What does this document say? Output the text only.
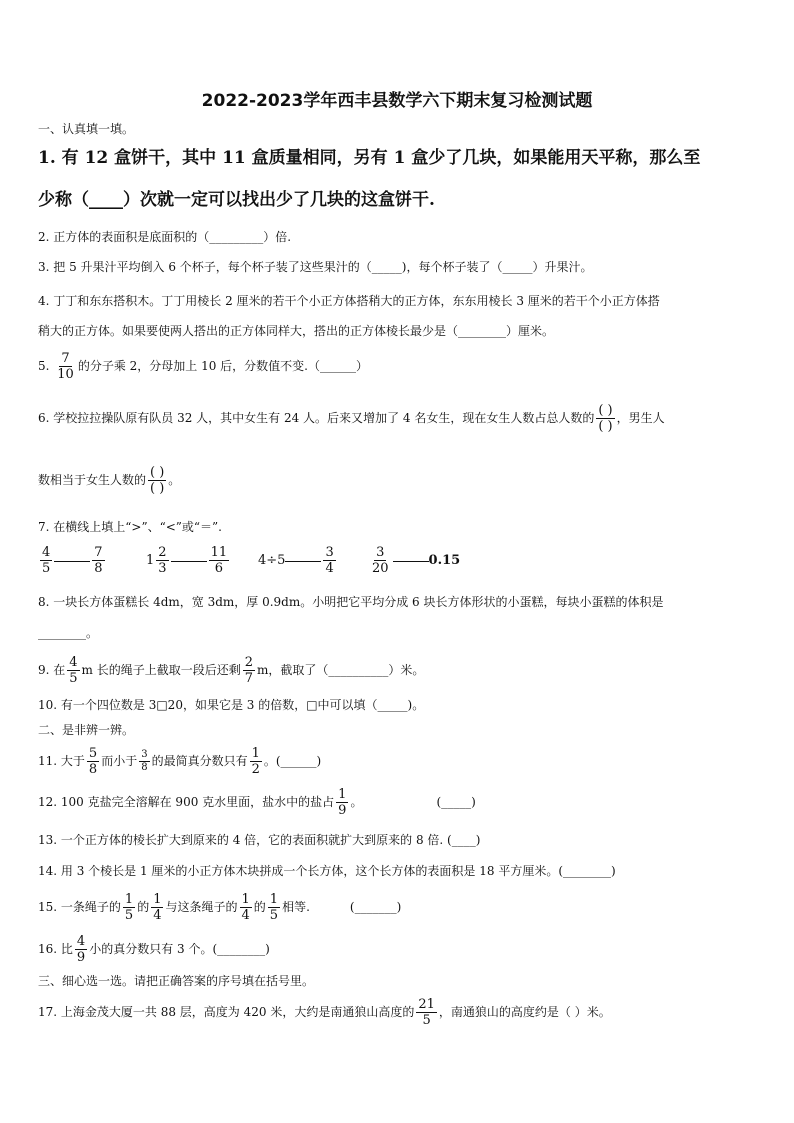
2022-2023学年西丰县数学六下期末复习检测试题
一、认真填一填。
1. 有 12 盒饼干，其中 11 盒质量相同，另有 1 盒少了几块，如果能用天平称，那么至
少称（____）次就一定可以找出少了几块的这盒饼干.
2. 正方体的表面积是底面积的（_________）倍.
3. 把 5 升果汁平均倒入 6 个杯子，每个杯子装了这些果汁的（_____)，每个杯子装了（_____）升果汁。
4. 丁丁和东东搭积木。丁丁用棱长 2 厘米的若干个小正方体搭稍大的正方体，东东用棱长 3 厘米的若干个小正方体搭
稍大的正方体。如果要使两人搭出的正方体同样大，搭出的正方体棱长最少是（________）厘米。
5. $\frac{7}{10}$ 的分子乘 2，分母加上 10 后，分数值不变.（______）
6. 学校拉拉操队原有队员 32 人，其中女生有 24 人。后来又增加了 4 名女生，现在女生人数占总人数的 $\frac{( )}{( )}$ ，男生人
数相当于女生人数的 $\frac{( )}{( )}$ 。
7. 在横线上填上“>”、“<”或“＝”.
$\frac{4}{5}$	$\frac{7}{8}$	$1 \frac{2}{3}$	$\frac{11}{6} 4\div 5$	$\frac{3}{4}$	$\frac{3}{20}$	0.15
8. 一块长方体蛋糕长 4dm，宽 3dm，厚 0.9dm。小明把它平均分成 6 块长方体形状的小蛋糕，每块小蛋糕的体积是
________。
9. 在 $\frac{4}{5}$ m 长的绳子上截取一段后还剩 $\frac{2}{7}$ m，截取了（__________）米。
10. 有一个四位数是 3□20，如果它是 3 的倍数，□中可以填（_____)。
二、是非辨一辨。
11. 大于 $\frac{5}{8}$ 而小于 $\frac{3}{8}$ 的最简真分数只有 $\frac{1}{2}$ 。(______)
12. 100 克盐完全溶解在 900 克水里面，盐水中的盐占 $\frac{1}{9}$ 。	(_____)
13. 一个正方体的棱长扩大到原来的 4 倍，它的表面积就扩大到原来的 8 倍. (____)
14. 用 3 个棱长是 1 厘米的小正方体木块拼成一个长方体，这个长方体的表面积是 18 平方厘米。(________)
15. 一条绳子的 $\frac{1}{5}$ 的 $\frac{1}{4}$ 与这条绳子的 $\frac{1}{4}$ 的 $\frac{1}{5}$ 相等.	(_______)
16. 比 $\frac{4}{9}$ 小的真分数只有 3 个。(________)
三、细心选一选。请把正确答案的序号填在括号里。
17. 上海金茂大厦一共 88 层，高度为 420 米，大约是南通狼山高度的 $\frac{21}{5}$ ，南通狼山的高度约是（ ）米。
